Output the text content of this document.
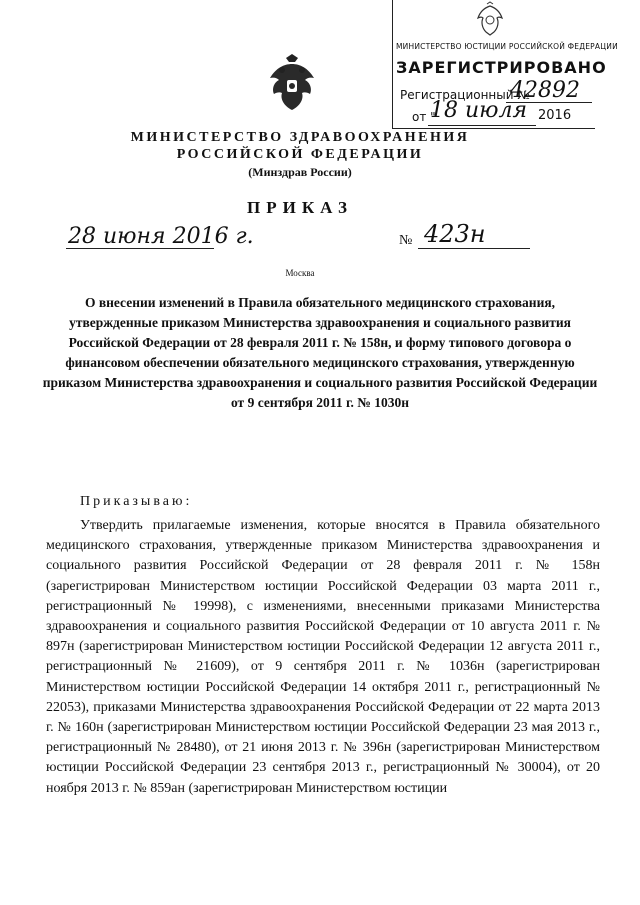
МИНИСТЕРСТВО ЮСТИЦИИ РОССИЙСКОЙ ФЕДЕРАЦИИ
ЗАРЕГИСТРИРОВАНО
Регистрационный №
42892
от "
18 июля 2016
МИНИСТЕРСТВО ЗДРАВООХРАНЕНИЯ
РОССИЙСКОЙ ФЕДЕРАЦИИ
(Минздрав России)
ПРИКАЗ
28 июня 2016 г.	№ 423н
Москва
О внесении изменений в Правила обязательного медицинского страхования, утвержденные приказом Министерства здравоохранения и социального развития Российской Федерации от 28 февраля 2011 г. № 158н, и форму типового договора о финансовом обеспечении обязательного медицинского страхования, утвержденную приказом Министерства здравоохранения и социального развития Российской Федерации от 9 сентября 2011 г. № 1030н
Приказываю:
Утвердить прилагаемые изменения, которые вносятся в Правила обязательного медицинского страхования, утвержденные приказом Министерства здравоохранения и социального развития Российской Федерации от 28 февраля 2011 г. № 158н (зарегистрирован Министерством юстиции Российской Федерации 03 марта 2011 г., регистрационный № 19998), с изменениями, внесенными приказами Министерства здравоохранения и социального развития Российской Федерации от 10 августа 2011 г. № 897н (зарегистрирован Министерством юстиции Российской Федерации 12 августа 2011 г., регистрационный № 21609), от 9 сентября 2011 г. № 1036н (зарегистрирован Министерством юстиции Российской Федерации 14 октября 2011 г., регистрационный № 22053), приказами Министерства здравоохранения Российской Федерации от 22 марта 2013 г. № 160н (зарегистрирован Министерством юстиции Российской Федерации 23 мая 2013 г., регистрационный № 28480), от 21 июня 2013 г. № 396н (зарегистрирован Министерством юстиции Российской Федерации 23 сентября 2013 г., регистрационный № 30004), от 20 ноября 2013 г. № 859ан (зарегистрирован Министерством юстиции
